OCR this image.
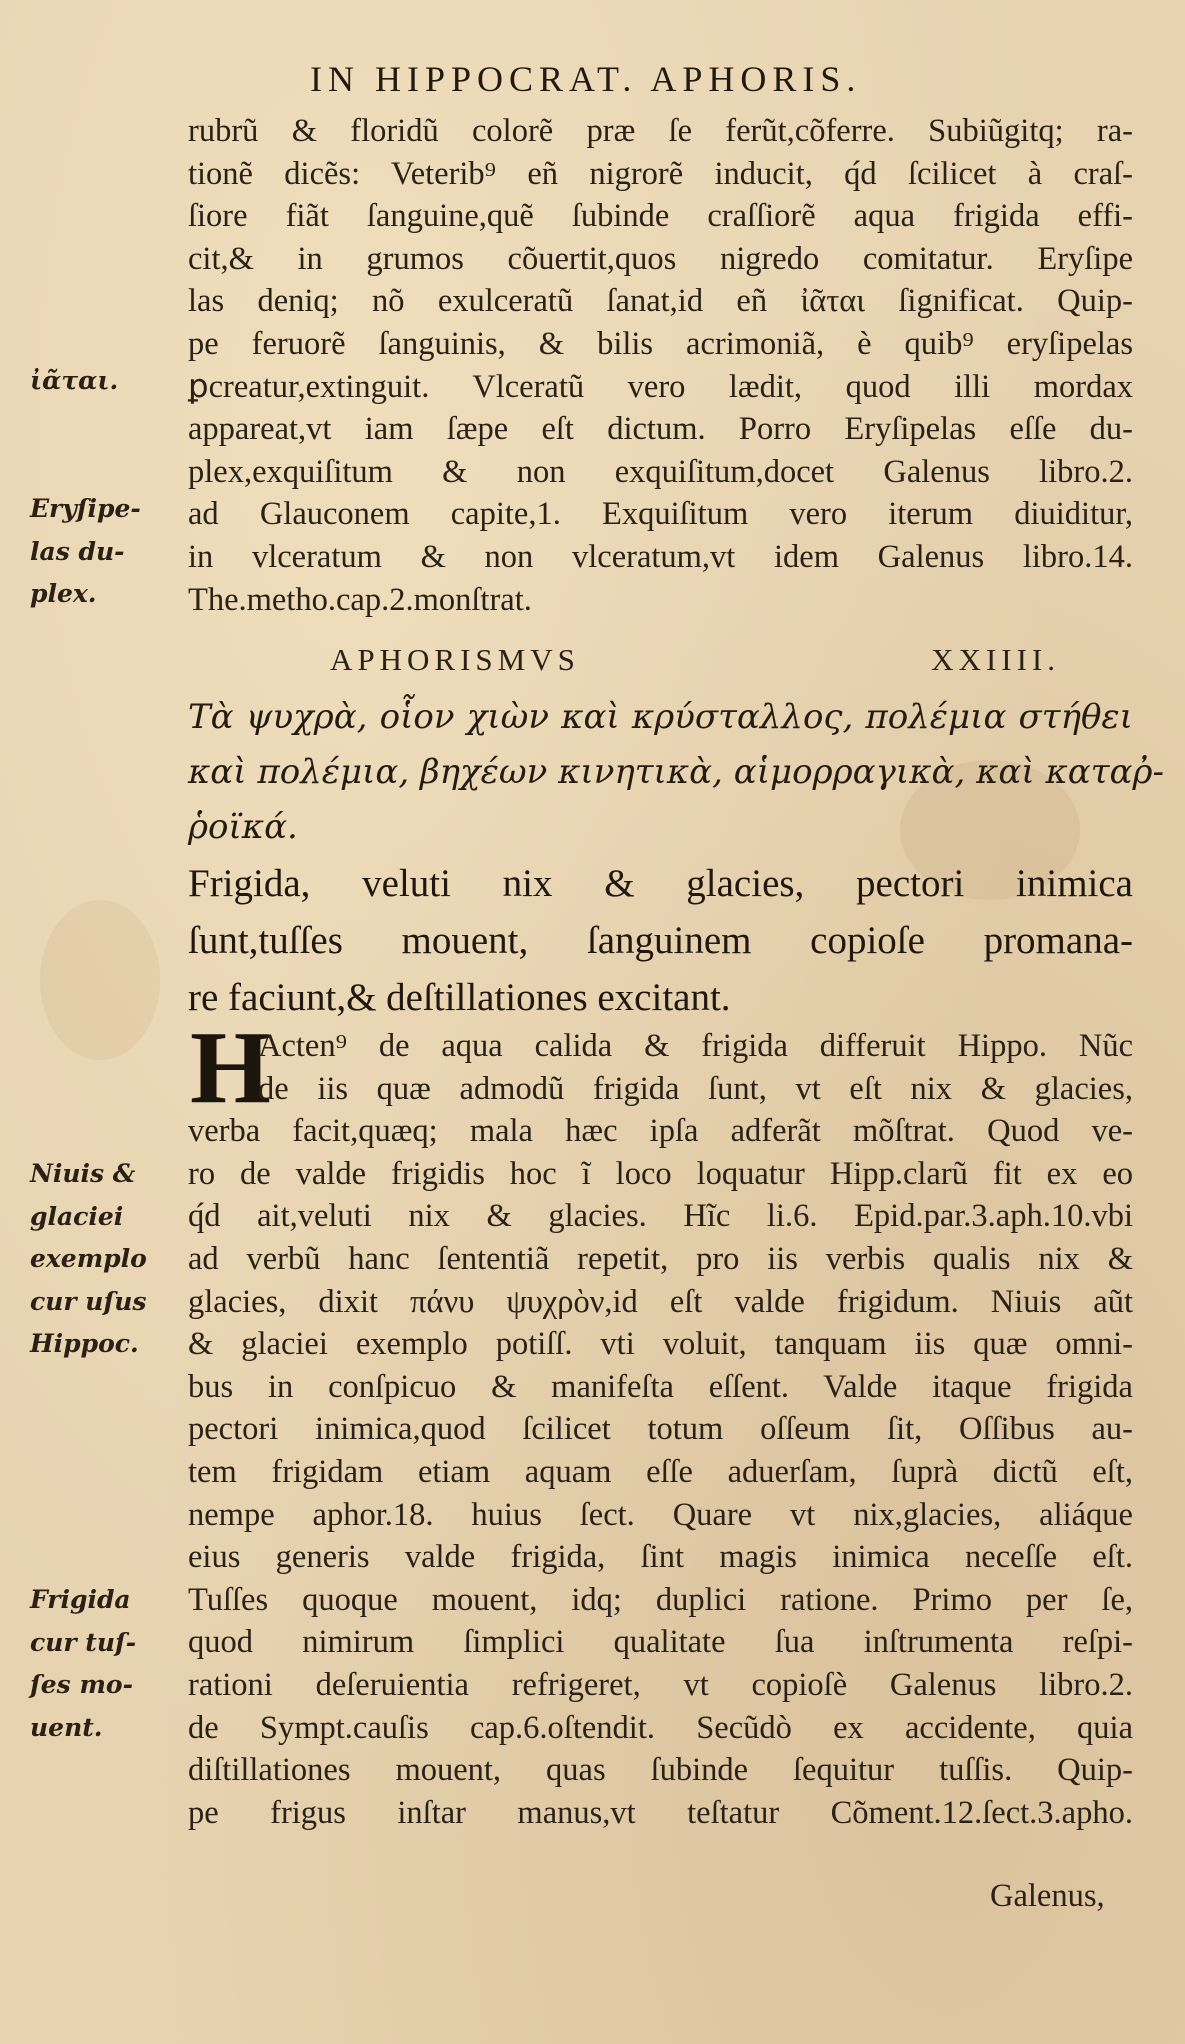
IN HIPPOCRAT. APHORIS.
ἰᾶται.
Eryſipe-
las du-
plex.
Niuis &
glaciei
exemplo
cur uſus
Hippoc.
Frigida
cur tuſ-
ſes mo-
uent.
rubrũ & floridũ colorẽ præ ſe ferũt,cõferre. Subiũgitq; ra-
tionẽ dicẽs: Veterib⁹ eñ nigrorẽ inducit, q́d ſcilicet à craſ-
ſiore fiãt ſanguine,quẽ ſubinde craſſiorẽ aqua frigida effi-
cit,& in grumos cõuertit,quos nigredo comitatur. Eryſipe
las deniq; nõ exulceratũ ſanat,id eñ ἰᾶται ſignificat. Quip-
pe feruorẽ ſanguinis, & bilis acrimoniã, è quib⁹ eryſipelas
ꝑcreatur,extinguit. Vlceratũ vero lædit, quod illi mordax
appareat,vt iam ſæpe eſt dictum. Porro Eryſipelas eſſe du-
plex,exquiſitum & non exquiſitum,docet Galenus libro.2.
ad Glauconem capite,1. Exquiſitum vero iterum diuiditur,
in vlceratum & non vlceratum,vt idem Galenus libro.14.
The.metho.cap.2.monſtrat.
APHORISMVS XXIIII.
Τὰ ψυχρὰ, οἷον χιὼν καὶ κρύσταλλος, πολέμια στήθει
καὶ πολέμια, βηχέων κινητικὰ, αἱμορραγικὰ, καὶ καταῤ-
ῥοϊκά.
Frigida, veluti nix & glacies, pectori inimica
ſunt,tuſſes mouent, ſanguinem copioſe promana-
re faciunt,& deſtillationes excitant.
H
Acten⁹ de aqua calida & frigida differuit Hippo. Nũc
de iis quæ admodũ frigida ſunt, vt eſt nix & glacies,
verba facit,quæq; mala hæc ipſa adferãt mõſtrat. Quod ve-
ro de valde frigidis hoc ĩ loco loquatur Hipp.clarũ fit ex eo
q́d ait,veluti nix & glacies. Hĩc li.6. Epid.par.3.aph.10.vbi
ad verbũ hanc ſententiã repetit, pro iis verbis qualis nix &
glacies, dixit πάνυ ψυχρὸν,id eſt valde frigidum. Niuis aũt
& glaciei exemplo potiſſ. vti voluit, tanquam iis quæ omni-
bus in conſpicuo & manifeſta eſſent. Valde itaque frigida
pectori inimica,quod ſcilicet totum oſſeum ſit, Oſſibus au-
tem frigidam etiam aquam eſſe aduerſam, ſuprà dictũ eſt,
nempe aphor.18. huius ſect. Quare vt nix,glacies, aliáque
eius generis valde frigida, ſint magis inimica neceſſe eſt.
Tuſſes quoque mouent, idq; duplici ratione. Primo per ſe,
quod nimirum ſimplici qualitate ſua inſtrumenta reſpi-
rationi deſeruientia refrigeret, vt copioſè Galenus libro.2.
de Sympt.cauſis cap.6.oſtendit. Secũdò ex accidente, quia
diſtillationes mouent, quas ſubinde ſequitur tuſſis. Quip-
pe frigus inſtar manus,vt teſtatur Cõment.12.ſect.3.apho.
Galenus,
